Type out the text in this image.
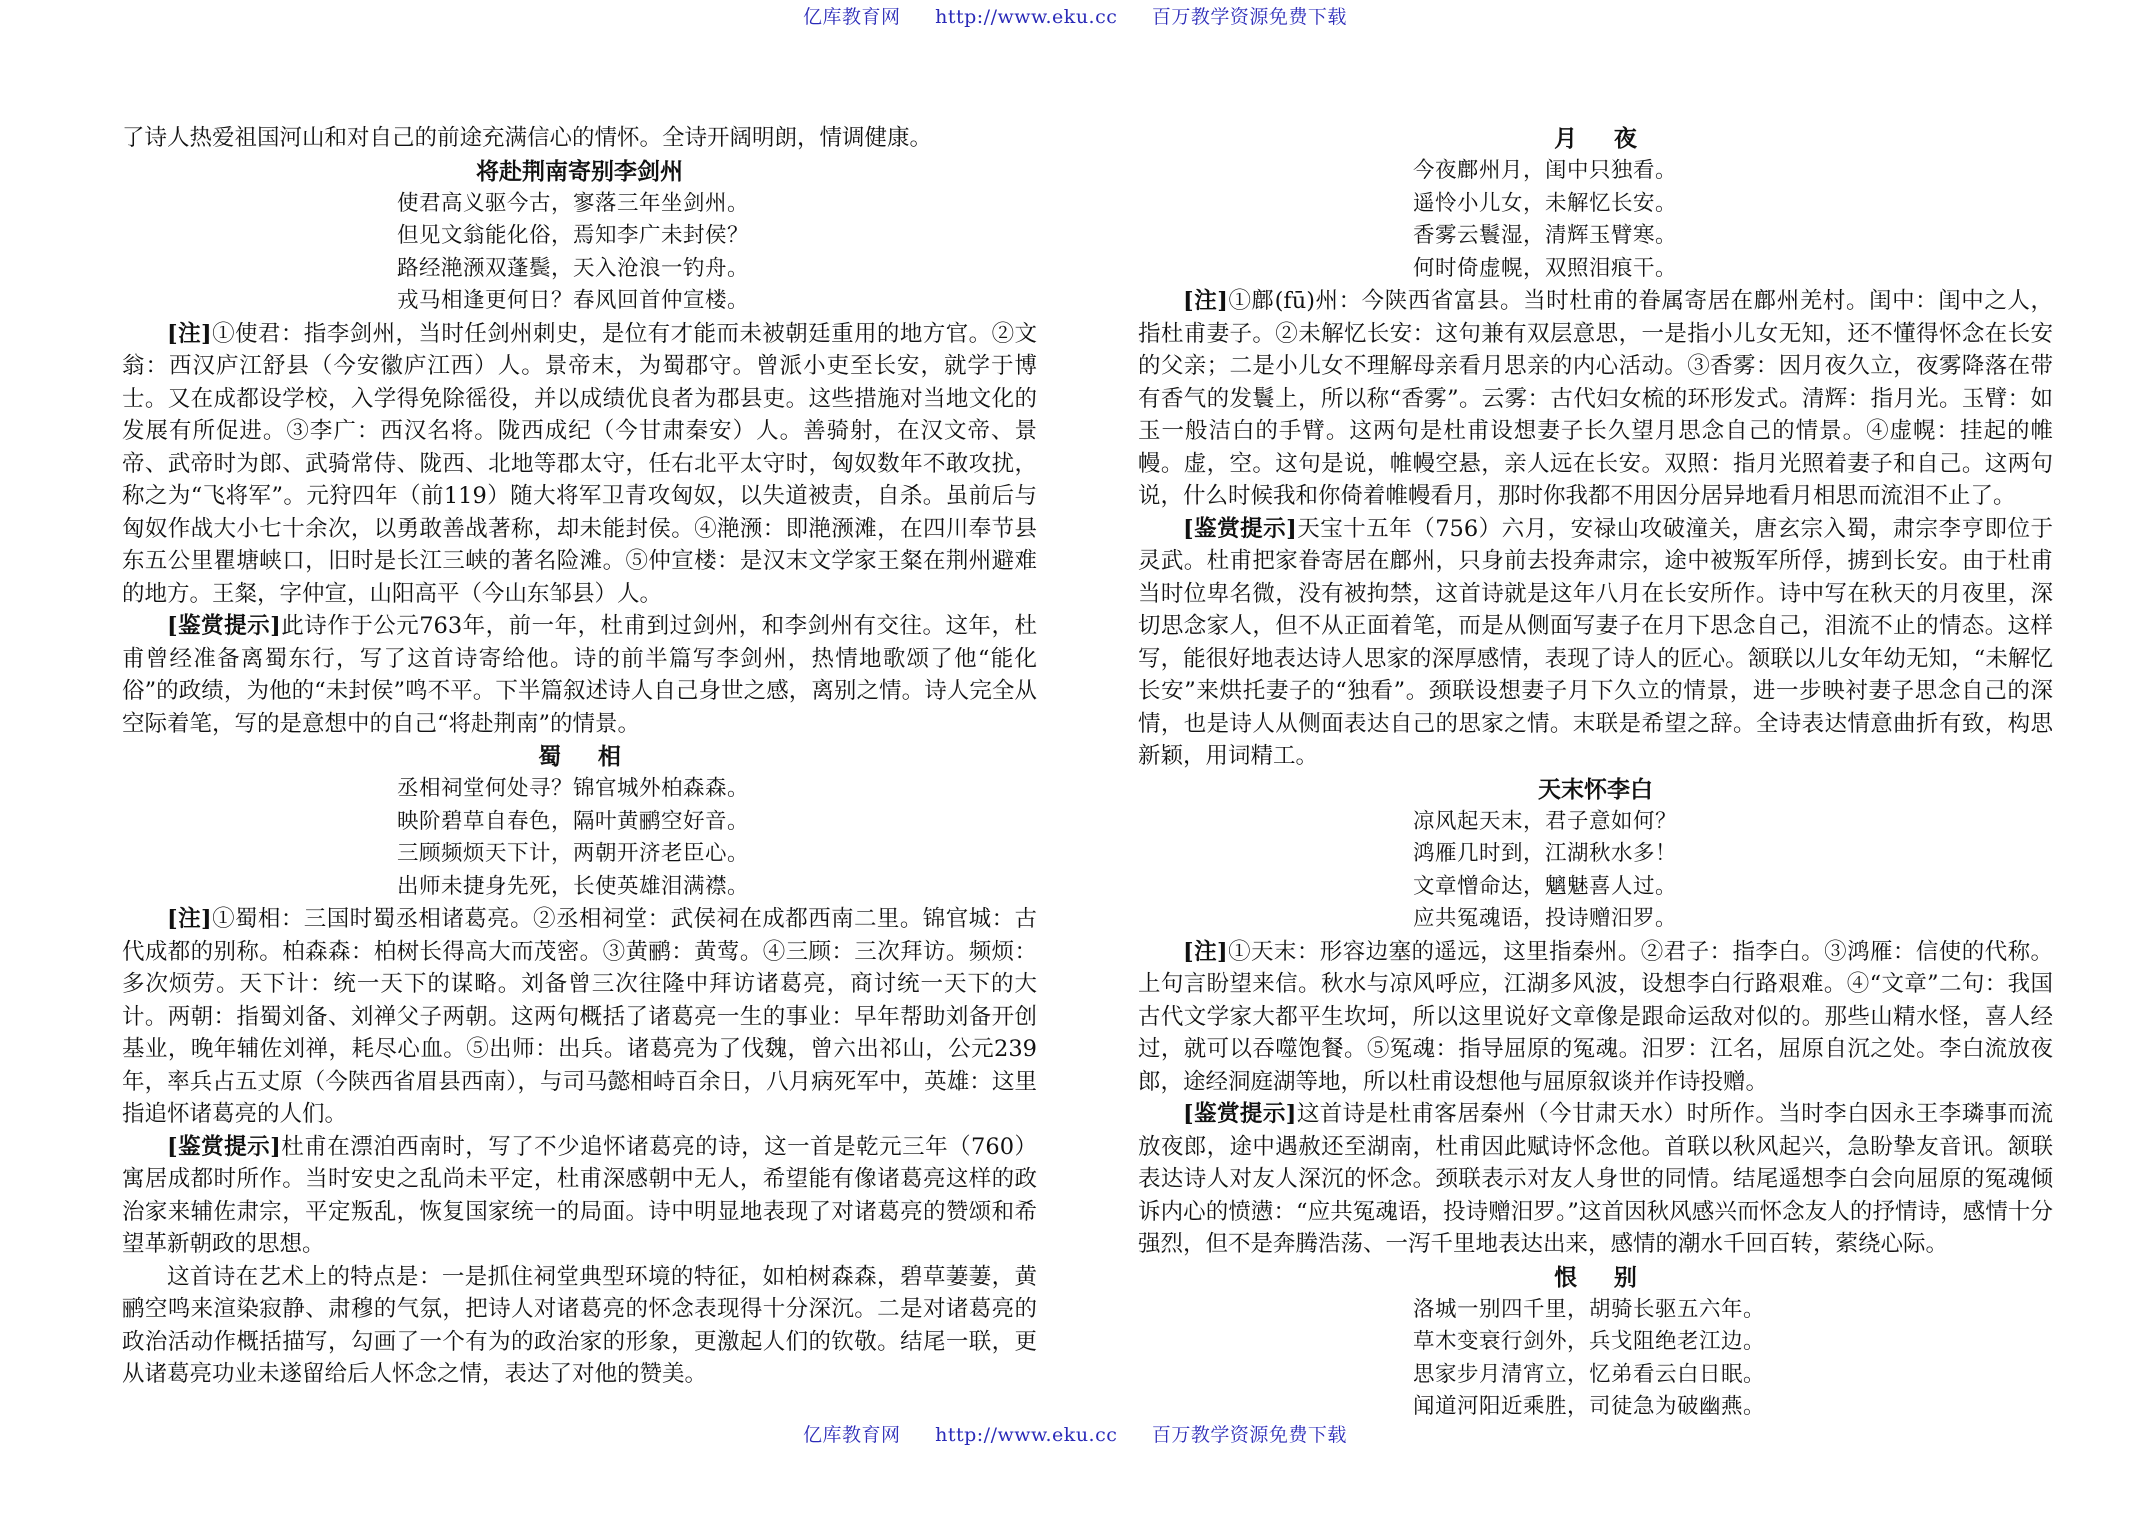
亿库教育网 http://www.eku.cc 百万教学资源免费下载

了诗人热爱祖国河山和对自己的前途充满信心的情怀。全诗开阔明朗，情调健康。

将赴荆南寄别李剑州

使君高义驱今古，寥落三年坐剑州。

但见文翁能化俗，焉知李广未封侯？

路经滟滪双蓬鬓，天入沧浪一钓舟。

戎马相逢更何日？春风回首仲宣楼。

[注]①使君：指李剑州，当时任剑州刺史，是位有才能而未被朝廷重用的地方官。②文翁：西汉庐江舒县（今安徽庐江西）人。景帝末，为蜀郡守。曾派小吏至长安，就学于博士。又在成都设学校，入学得免除徭役，并以成绩优良者为郡县吏。这些措施对当地文化的发展有所促进。③李广：西汉名将。陇西成纪（今甘肃秦安）人。善骑射，在汉文帝、景帝、武帝时为郎、武骑常侍、陇西、北地等郡太守，任右北平太守时，匈奴数年不敢攻扰，称之为“飞将军”。元狩四年（前119）随大将军卫青攻匈奴，以失道被责，自杀。虽前后与匈奴作战大小七十余次，以勇敢善战著称，却未能封侯。④滟滪：即滟滪滩，在四川奉节县东五公里瞿塘峡口，旧时是长江三峡的著名险滩。⑤仲宣楼：是汉末文学家王粲在荆州避难的地方。王粲，字仲宣，山阳高平（今山东邹县）人。

[鉴赏提示]此诗作于公元763年，前一年，杜甫到过剑州，和李剑州有交往。这年，杜甫曾经准备离蜀东行，写了这首诗寄给他。诗的前半篇写李剑州，热情地歌颂了他“能化俗”的政绩，为他的“未封侯”鸣不平。下半篇叙述诗人自己身世之感，离别之情。诗人完全从空际着笔，写的是意想中的自己“将赴荆南”的情景。

蜀相

丞相祠堂何处寻？锦官城外柏森森。

映阶碧草自春色，隔叶黄鹂空好音。

三顾频烦天下计，两朝开济老臣心。

出师未捷身先死，长使英雄泪满襟。

[注]①蜀相：三国时蜀丞相诸葛亮。②丞相祠堂：武侯祠在成都西南二里。锦官城：古代成都的别称。柏森森：柏树长得高大而茂密。③黄鹂：黄莺。④三顾：三次拜访。频烦：多次烦劳。天下计：统一天下的谋略。刘备曾三次往隆中拜访诸葛亮，商讨统一天下的大计。两朝：指蜀刘备、刘禅父子两朝。这两句概括了诸葛亮一生的事业：早年帮助刘备开创基业，晚年辅佐刘禅，耗尽心血。⑤出师：出兵。诸葛亮为了伐魏，曾六出祁山，公元239年，率兵占五丈原（今陕西省眉县西南），与司马懿相峙百余日，八月病死军中，英雄：这里指追怀诸葛亮的人们。

[鉴赏提示]杜甫在漂泊西南时，写了不少追怀诸葛亮的诗，这一首是乾元三年（760）寓居成都时所作。当时安史之乱尚未平定，杜甫深感朝中无人，希望能有像诸葛亮这样的政治家来辅佐肃宗，平定叛乱，恢复国家统一的局面。诗中明显地表现了对诸葛亮的赞颂和希望革新朝政的思想。

这首诗在艺术上的特点是：一是抓住祠堂典型环境的特征，如柏树森森，碧草萋萋，黄鹂空鸣来渲染寂静、肃穆的气氛，把诗人对诸葛亮的怀念表现得十分深沉。二是对诸葛亮的政治活动作概括描写，勾画了一个有为的政治家的形象，更激起人们的钦敬。结尾一联，更从诸葛亮功业未遂留给后人怀念之情，表达了对他的赞美。

月夜

今夜鄜州月，闺中只独看。

遥怜小儿女，未解忆长安。

香雾云鬟湿，清辉玉臂寒。

何时倚虚幌，双照泪痕干。

[注]①鄜(fū)州：今陕西省富县。当时杜甫的眷属寄居在鄜州羌村。闺中：闺中之人，指杜甫妻子。②未解忆长安：这句兼有双层意思，一是指小儿女无知，还不懂得怀念在长安的父亲；二是小儿女不理解母亲看月思亲的内心活动。③香雾：因月夜久立，夜雾降落在带有香气的发鬟上，所以称“香雾”。云雾：古代妇女梳的环形发式。清辉：指月光。玉臂：如玉一般洁白的手臂。这两句是杜甫设想妻子长久望月思念自己的情景。④虚幌：挂起的帷幔。虚，空。这句是说，帷幔空悬，亲人远在长安。双照：指月光照着妻子和自己。这两句说，什么时候我和你倚着帷幔看月，那时你我都不用因分居异地看月相思而流泪不止了。

[鉴赏提示]天宝十五年（756）六月，安禄山攻破潼关，唐玄宗入蜀，肃宗李亨即位于灵武。杜甫把家眷寄居在鄜州，只身前去投奔肃宗，途中被叛军所俘，掳到长安。由于杜甫当时位卑名微，没有被拘禁，这首诗就是这年八月在长安所作。诗中写在秋天的月夜里，深切思念家人，但不从正面着笔，而是从侧面写妻子在月下思念自己，泪流不止的情态。这样写，能很好地表达诗人思家的深厚感情，表现了诗人的匠心。颔联以儿女年幼无知，“未解忆长安”来烘托妻子的“独看”。颈联设想妻子月下久立的情景，进一步映衬妻子思念自己的深情，也是诗人从侧面表达自己的思家之情。末联是希望之辞。全诗表达情意曲折有致，构思新颖，用词精工。

天末怀李白

凉风起天末，君子意如何？

鸿雁几时到，江湖秋水多！

文章憎命达，魑魅喜人过。

应共冤魂语，投诗赠汨罗。

[注]①天末：形容边塞的遥远，这里指秦州。②君子：指李白。③鸿雁：信使的代称。上句言盼望来信。秋水与凉风呼应，江湖多风波，设想李白行路艰难。④“文章”二句：我国古代文学家大都平生坎坷，所以这里说好文章像是跟命运敌对似的。那些山精水怪，喜人经过，就可以吞噬饱餐。⑤冤魂：指导屈原的冤魂。汨罗：江名，屈原自沉之处。李白流放夜郎，途经洞庭湖等地，所以杜甫设想他与屈原叙谈并作诗投赠。

[鉴赏提示]这首诗是杜甫客居秦州（今甘肃天水）时所作。当时李白因永王李璘事而流放夜郎，途中遇赦还至湖南，杜甫因此赋诗怀念他。首联以秋风起兴，急盼挚友音讯。颔联表达诗人对友人深沉的怀念。颈联表示对友人身世的同情。结尾遥想李白会向屈原的冤魂倾诉内心的愤懑：“应共冤魂语，投诗赠汨罗。”这首因秋风感兴而怀念友人的抒情诗，感情十分强烈，但不是奔腾浩荡、一泻千里地表达出来，感情的潮水千回百转，萦绕心际。

恨别

洛城一别四千里，胡骑长驱五六年。

草木变衰行剑外，兵戈阻绝老江边。

思家步月清宵立，忆弟看云白日眠。

闻道河阳近乘胜，司徒急为破幽燕。

亿库教育网 http://www.eku.cc 百万教学资源免费下载
